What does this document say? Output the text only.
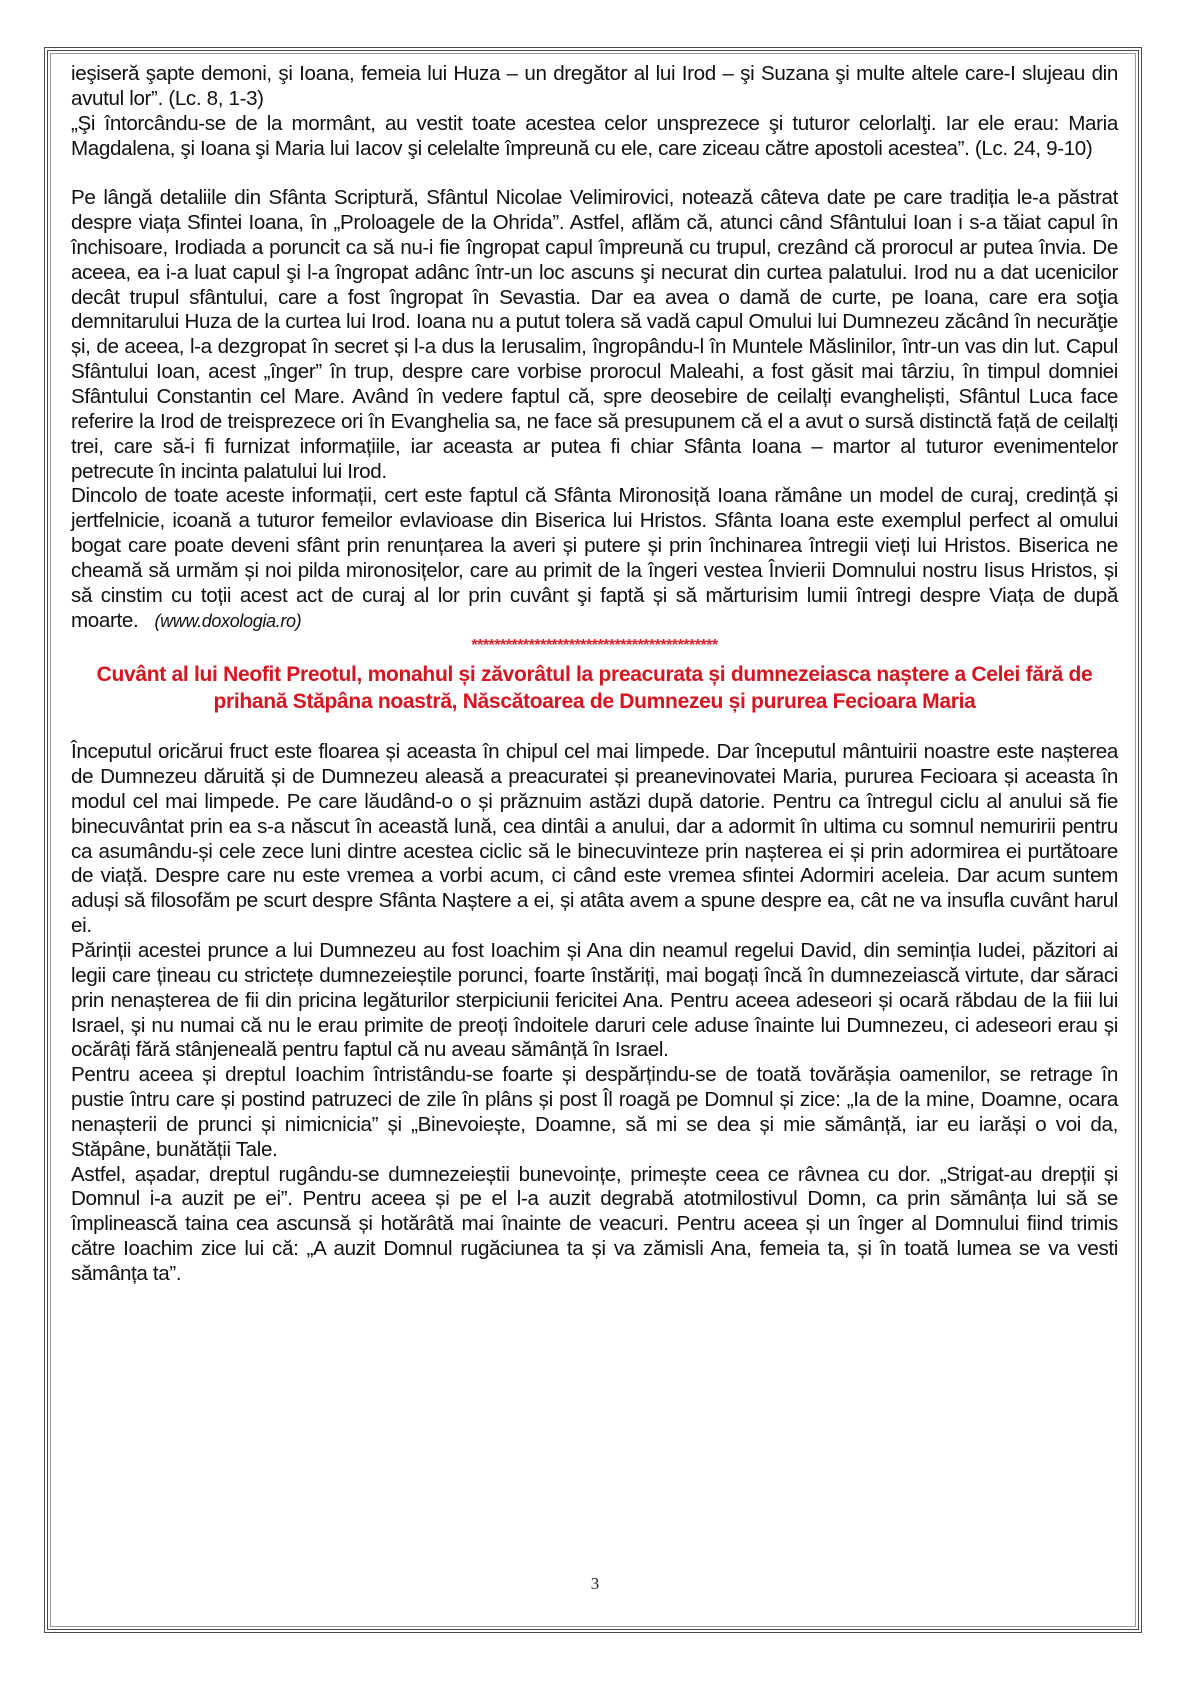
ieşiseră şapte demoni, şi Ioana, femeia lui Huza – un dregător al lui Irod – şi Suzana şi multe altele care-I slujeau din avutul lor”. (Lc. 8, 1-3)

„Şi întorcându-se de la mormânt, au vestit toate acestea celor unsprezece şi tuturor celorlalţi. Iar ele erau: Maria Magdalena, şi Ioana şi Maria lui Iacov şi celelalte împreună cu ele, care ziceau către apostoli acestea”. (Lc. 24, 9-10)

Pe lângă detaliile din Sfânta Scriptură, Sfântul Nicolae Velimirovici, notează câteva date pe care tradiția le-a păstrat despre viața Sfintei Ioana, în „Proloagele de la Ohrida”. Astfel, aflăm că, atunci când Sfântului Ioan i s-a tăiat capul în închisoare, Irodiada a poruncit ca să nu-i fie îngropat capul împreună cu trupul, crezând că prorocul ar putea învia. De aceea, ea i-a luat capul şi l-a îngropat adânc într-un loc ascuns şi necurat din curtea palatului. Irod nu a dat ucenicilor decât trupul sfântului, care a fost îngropat în Sevastia. Dar ea avea o damă de curte, pe Ioana, care era soţia demnitarului Huza de la curtea lui Irod. Ioana nu a putut tolera să vadă capul Omului lui Dumnezeu zăcând în necurăţie și, de aceea, l-a dezgropat în secret și l-a dus la Ierusalim, îngropându-l în Muntele Măslinilor, într-un vas din lut. Capul Sfântului Ioan, acest „înger” în trup, despre care vorbise prorocul Maleahi, a fost găsit mai târziu, în timpul domniei Sfântului Constantin cel Mare. Având în vedere faptul că, spre deosebire de ceilalți evangheliști, Sfântul Luca face referire la Irod de treisprezece ori în Evanghelia sa, ne face să presupunem că el a avut o sursă distinctă față de ceilalți trei, care să-i fi furnizat informațiile, iar aceasta ar putea fi chiar Sfânta Ioana – martor al tuturor evenimentelor petrecute în incinta palatului lui Irod.

Dincolo de toate aceste informații, cert este faptul că Sfânta Mironosiță Ioana rămâne un model de curaj, credință și jertfelnicie, icoană a tuturor femeilor evlavioase din Biserica lui Hristos. Sfânta Ioana este exemplul perfect al omului bogat care poate deveni sfânt prin renunțarea la averi și putere și prin închinarea întregii vieți lui Hristos. Biserica ne cheamă să urmăm și noi pilda mironosițelor, care au primit de la îngeri vestea Învierii Domnului nostru Iisus Hristos, și să cinstim cu toții acest act de curaj al lor prin cuvânt şi faptă și să mărturisim lumii întregi despre Viața de după moarte. (www.doxologia.ro)

*******************************************
Cuvânt al lui Neofit Preotul, monahul și zăvorâtul la preacurata și dumnezeiasca naștere a Celei fără de prihană Stăpâna noastră, Născătoarea de Dumnezeu și pururea Fecioara Maria

Începutul oricărui fruct este floarea și aceasta în chipul cel mai limpede. Dar începutul mântuirii noastre este nașterea de Dumnezeu dăruită și de Dumnezeu aleasă a preacuratei și preanevinovatei Maria, pururea Fecioara și aceasta în modul cel mai limpede. Pe care lăudând-o o și prăznuim astăzi după datorie. Pentru ca întregul ciclu al anului să fie binecuvântat prin ea s-a născut în această lună, cea dintâi a anului, dar a adormit în ultima cu somnul nemuririi pentru ca asumându-și cele zece luni dintre acestea ciclic să le binecuvinteze prin nașterea ei și prin adormirea ei purtătoare de viață. Despre care nu este vremea a vorbi acum, ci când este vremea sfintei Adormiri aceleia. Dar acum suntem aduși să filosofăm pe scurt despre Sfânta Naștere a ei, și atâta avem a spune despre ea, cât ne va insufla cuvânt harul ei.

Părinții acestei prunce a lui Dumnezeu au fost Ioachim și Ana din neamul regelui David, din seminția Iudei, păzitori ai legii care țineau cu strictețe dumnezeieștile porunci, foarte înstăriți, mai bogați încă în dumnezeiască virtute, dar săraci prin nenașterea de fii din pricina legăturilor sterpiciunii fericitei Ana. Pentru aceea adeseori și ocară răbdau de la fiii lui Israel, și nu numai că nu le erau primite de preoți îndoitele daruri cele aduse înainte lui Dumnezeu, ci adeseori erau și ocărâți fără stânjeneală pentru faptul că nu aveau sămânță în Israel.

Pentru aceea și dreptul Ioachim întristându-se foarte și despărțindu-se de toată tovărășia oamenilor, se retrage în pustie întru care și postind patruzeci de zile în plâns și post Îl roagă pe Domnul și zice: „Ia de la mine, Doamne, ocara nenașterii de prunci și nimicnicia” și „Binevoiește, Doamne, să mi se dea și mie sămânță, iar eu iarăși o voi da, Stăpâne, bunătății Tale.

Astfel, așadar, dreptul rugându-se dumnezeieștii bunevoințe, primește ceea ce râvnea cu dor. „Strigat-au drepții și Domnul i-a auzit pe ei”. Pentru aceea și pe el l-a auzit degrabă atotmilostivul Domn, ca prin sămânța lui să se împlinească taina cea ascunsă și hotărâtă mai înainte de veacuri. Pentru aceea și un înger al Domnului fiind trimis către Ioachim zice lui că: „A auzit Domnul rugăciunea ta și va zămisli Ana, femeia ta, și în toată lumea se va vesti sămânța ta”.

3
